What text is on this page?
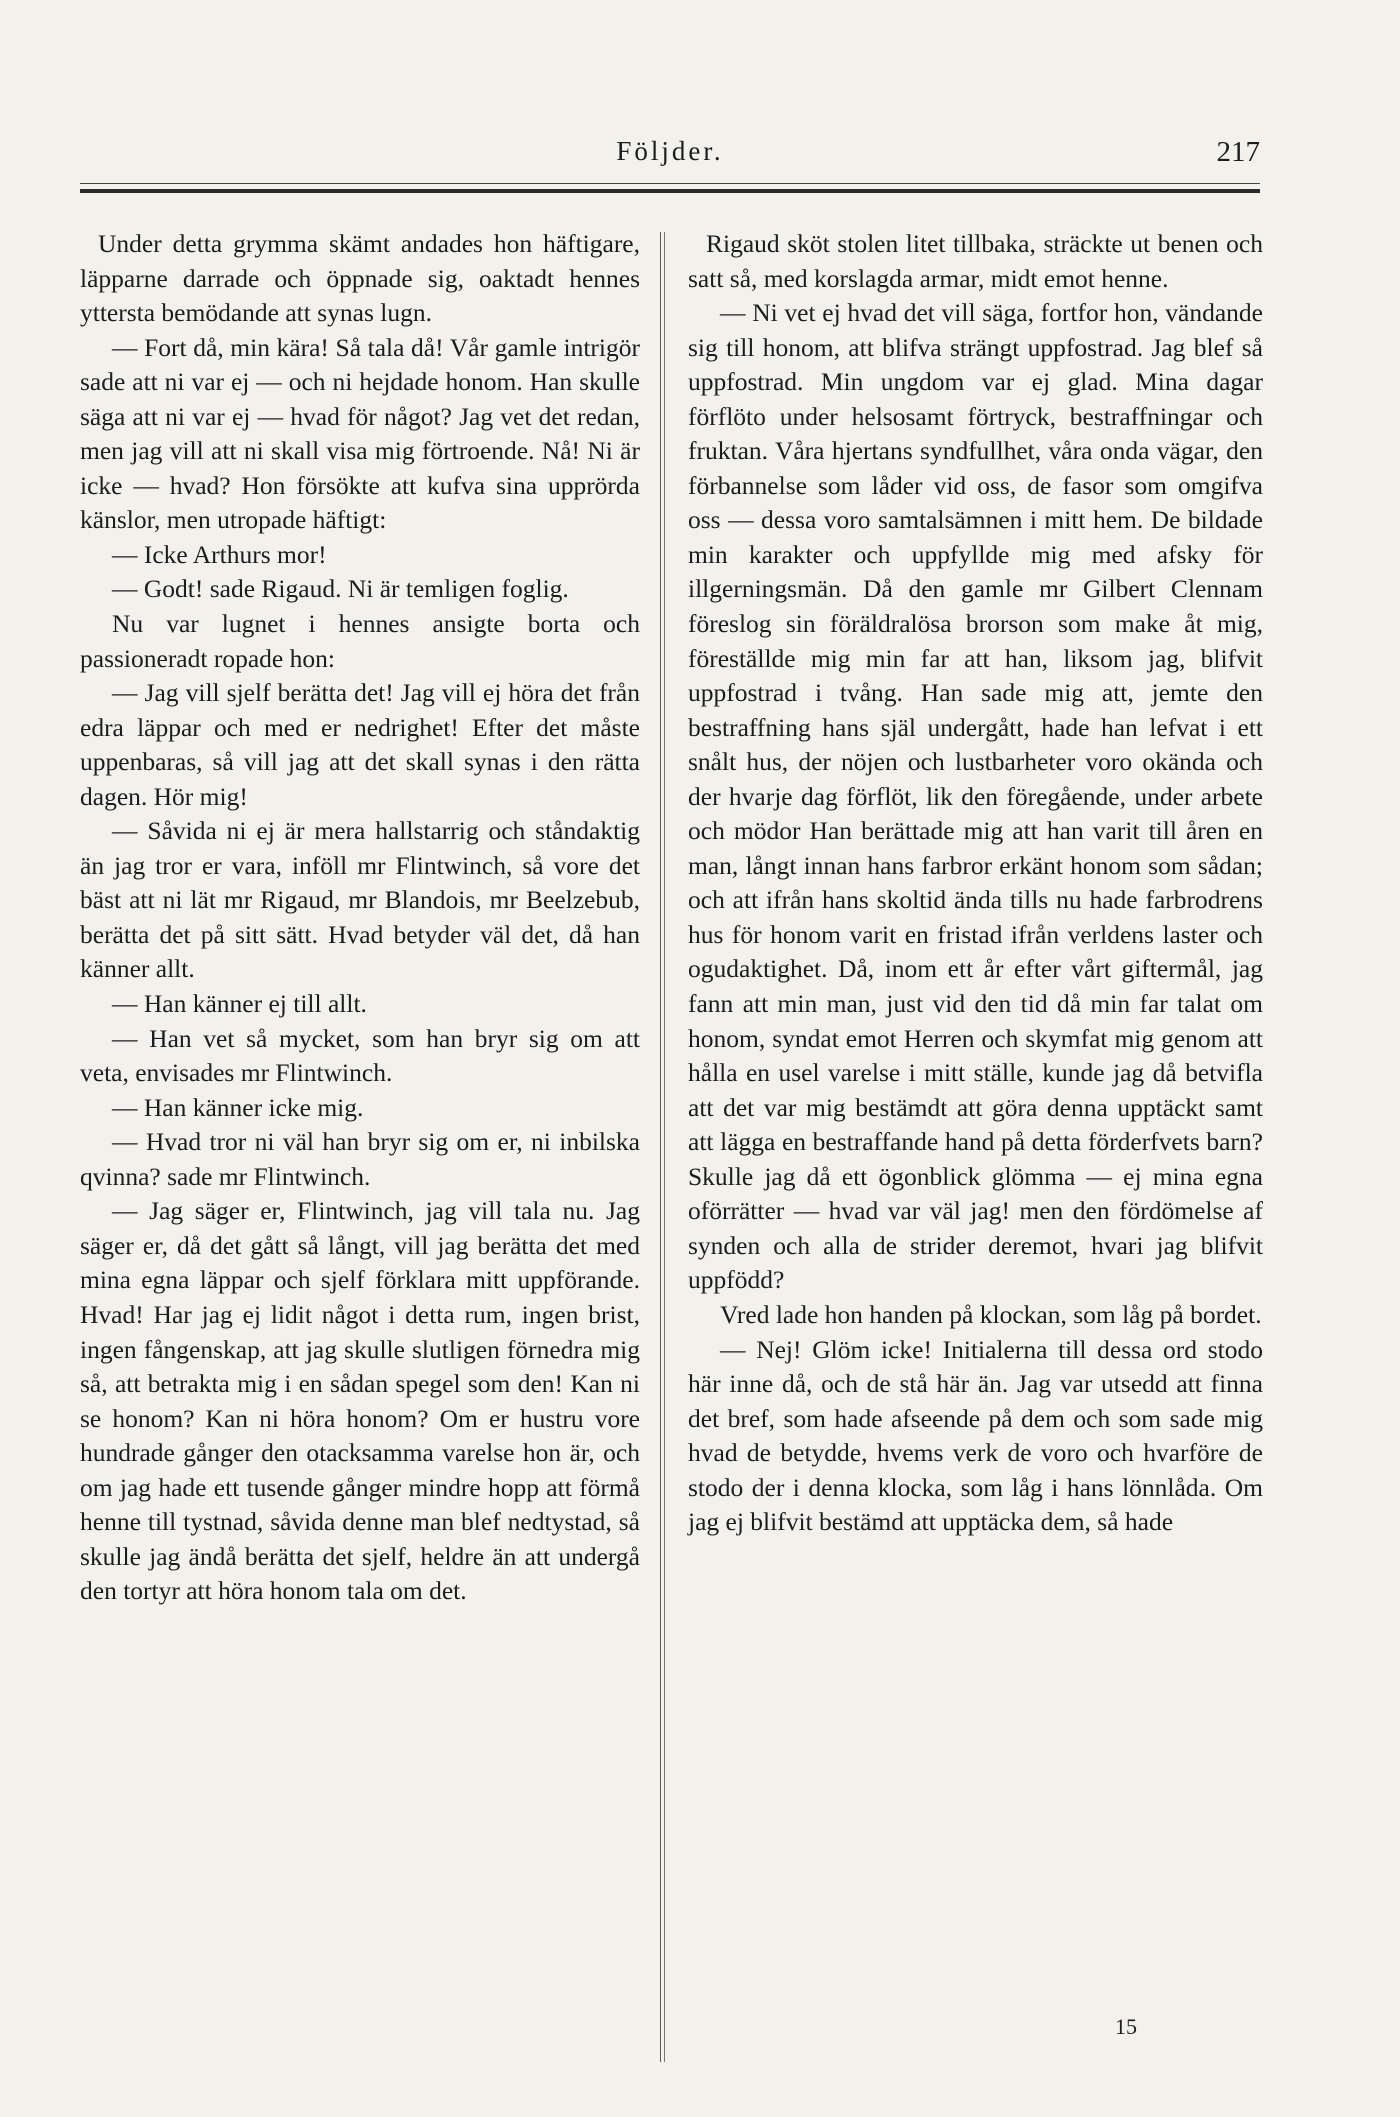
Följder.	217

Under detta grymma skämt andades hon häftigare, läpparne darrade och öppnade sig, oaktadt hennes yttersta bemödande att synas lugn.

— Fort då, min kära! Så tala då! Vår gamle intrigör sade att ni var ej — och ni hejdade honom. Han skulle säga att ni var ej — hvad för något? Jag vet det redan, men jag vill att ni skall visa mig förtroende. Nå! Ni är icke — hvad? Hon försökte att kufva sina upprörda känslor, men utropade häftigt:

— Icke Arthurs mor!

— Godt! sade Rigaud. Ni är temligen foglig.

Nu var lugnet i hennes ansigte borta och passioneradt ropade hon:

— Jag vill sjelf berätta det! Jag vill ej höra det från edra läppar och med er nedrighet! Efter det måste uppenbaras, så vill jag att det skall synas i den rätta dagen. Hör mig!

— Såvida ni ej är mera hallstarrig och ståndaktig än jag tror er vara, inföll mr Flintwinch, så vore det bäst att ni lät mr Rigaud, mr Blandois, mr Beelzebub, berätta det på sitt sätt. Hvad betyder väl det, då han känner allt.

— Han känner ej till allt.

— Han vet så mycket, som han bryr sig om att veta, envisades mr Flintwinch.

— Han känner icke mig.

— Hvad tror ni väl han bryr sig om er, ni inbilska qvinna? sade mr Flintwinch.

— Jag säger er, Flintwinch, jag vill tala nu. Jag säger er, då det gått så långt, vill jag berätta det med mina egna läppar och sjelf förklara mitt uppförande. Hvad! Har jag ej lidit något i detta rum, ingen brist, ingen fångenskap, att jag skulle slutligen förnedra mig så, att betrakta mig i en sådan spegel som den! Kan ni se honom? Kan ni höra honom? Om er hustru vore hundrade gånger den otacksamma varelse hon är, och om jag hade ett tusende gånger mindre hopp att förmå henne till tystnad, såvida denne man blef nedtystad, så skulle jag ändå berätta det sjelf, heldre än att undergå den tortyr att höra honom tala om det.

Rigaud sköt stolen litet tillbaka, sträckte ut benen och satt så, med korslagda armar, midt emot henne.

— Ni vet ej hvad det vill säga, fortfor hon, vändande sig till honom, att blifva strängt uppfostrad. Jag blef så uppfostrad. Min ungdom var ej glad. Mina dagar förflöto under helsosamt förtryck, bestraffningar och fruktan. Våra hjertans syndfullhet, våra onda vägar, den förbannelse som låder vid oss, de fasor som omgifva oss — dessa voro samtalsämnen i mitt hem. De bildade min karakter och uppfyllde mig med afsky för illgerningsmän. Då den gamle mr Gilbert Clennam föreslog sin föräldralösa brorson som make åt mig, föreställde mig min far att han, liksom jag, blifvit uppfostrad i tvång. Han sade mig att, jemte den bestraffning hans själ undergått, hade han lefvat i ett snålt hus, der nöjen och lustbarheter voro okända och der hvarje dag förflöt, lik den föregående, under arbete och mödor Han berättade mig att han varit till åren en man, långt innan hans farbror erkänt honom som sådan; och att ifrån hans skoltid ända tills nu hade farbrodrens hus för honom varit en fristad ifrån verldens laster och ogudaktighet. Då, inom ett år efter vårt giftermål, jag fann att min man, just vid den tid då min far talat om honom, syndat emot Herren och skymfat mig genom att hålla en usel varelse i mitt ställe, kunde jag då betvifla att det var mig bestämdt att göra denna upptäckt samt att lägga en bestraffande hand på detta förderfvets barn? Skulle jag då ett ögonblick glömma — ej mina egna oförrätter — hvad var väl jag! men den fördömelse af synden och alla de strider deremot, hvari jag blifvit uppfödd?

Vred lade hon handen på klockan, som låg på bordet.

— Nej! Glöm icke! Initialerna till dessa ord stodo här inne då, och de stå här än. Jag var utsedd att finna det bref, som hade afseende på dem och som sade mig hvad de betydde, hvems verk de voro och hvarföre de stodo der i denna klocka, som låg i hans lönnlåda. Om jag ej blifvit bestämd att upptäcka dem, så hade

15
